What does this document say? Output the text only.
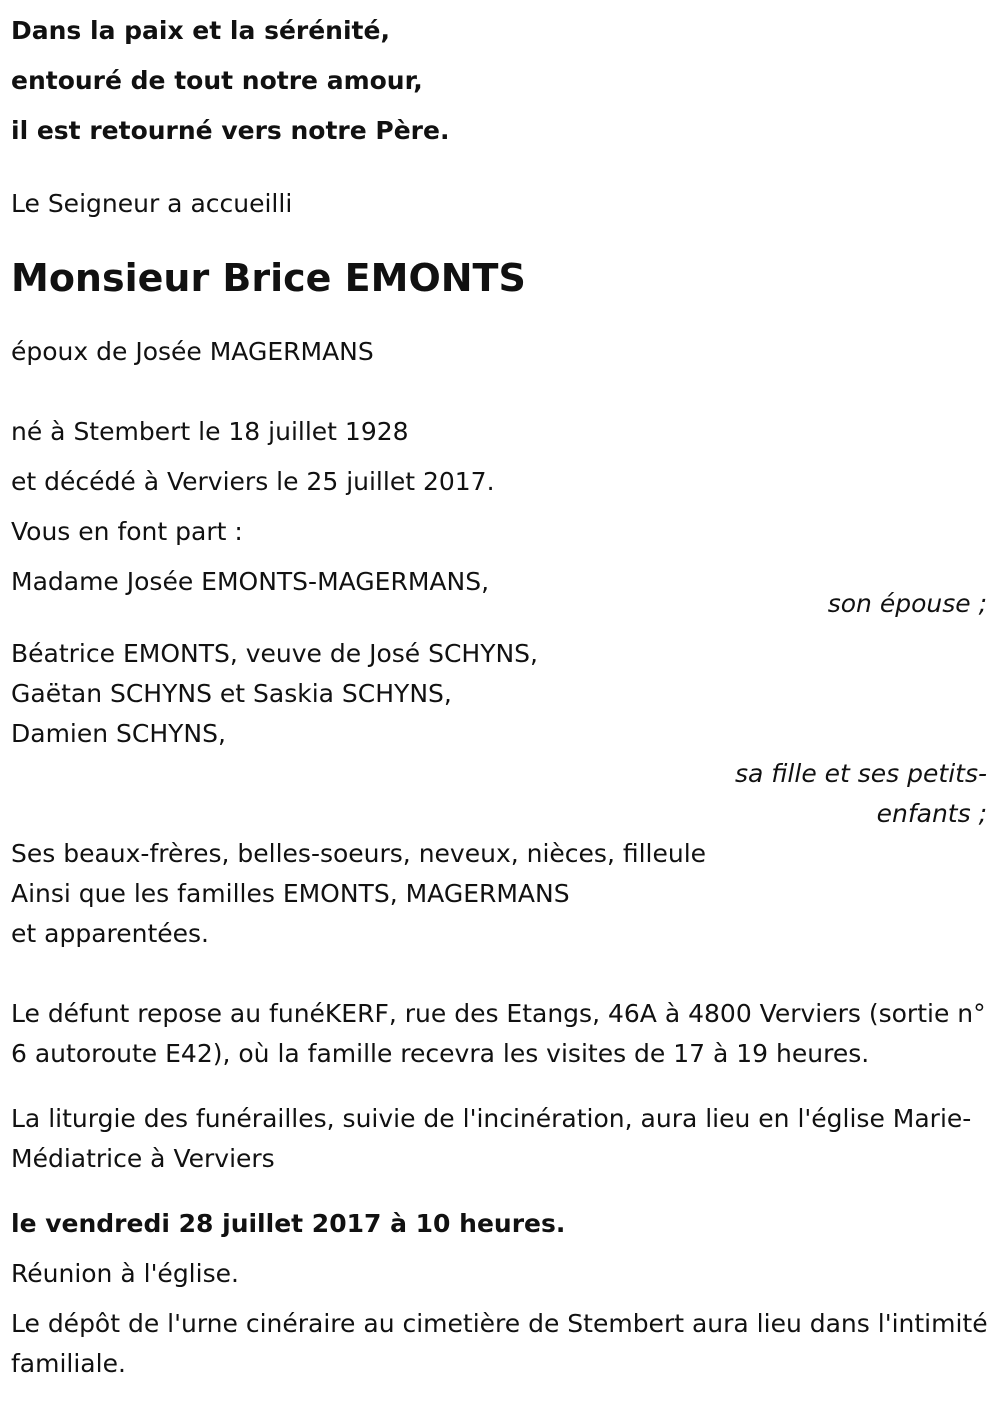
Dans la paix et la sérénité,

entouré de tout notre amour,

il est retourné vers notre Père.

Le Seigneur a accueilli

Monsieur Brice EMONTS

époux de Josée MAGERMANS

né à Stembert le 18 juillet 1928

et décédé à Verviers le 25 juillet 2017.

Vous en font part :

Madame Josée EMONTS-MAGERMANS,

son épouse ;

Béatrice EMONTS, veuve de José SCHYNS,

Gaëtan SCHYNS et Saskia SCHYNS,

Damien SCHYNS,

sa fille et ses petits-

enfants ;

Ses beaux-frères, belles-soeurs, neveux, nièces, filleule

Ainsi que les familles EMONTS, MAGERMANS

et apparentées.

Le défunt repose au funéKERF, rue des Etangs, 46A à 4800 Verviers (sortie n° 6 autoroute E42), où la famille recevra les visites de 17 à 19 heures.

La liturgie des funérailles, suivie de l'incinération, aura lieu en l'église Marie-Médiatrice à Verviers

le vendredi 28 juillet 2017 à 10 heures.

Réunion à l'église.

Le dépôt de l'urne cinéraire au cimetière de Stembert aura lieu dans l'intimité familiale.
